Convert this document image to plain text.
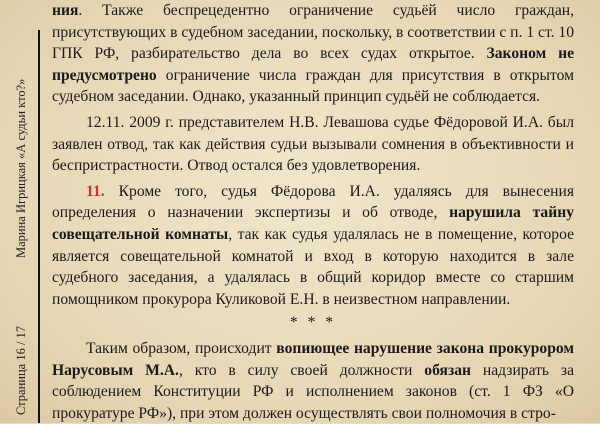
Марина Игрицкая «А судьи кто?»
Страница 16 / 17

ния. Также беспрецедентно ограничение судьёй число граждан, присутствующих в судебном заседании, поскольку, в соответствии с п. 1 ст. 10 ГПК РФ, разбирательство дела во всех судах открытое. Законом не предусмотрено ограничение числа граждан для присутствия в открытом судебном заседании. Однако, указанный принцип судьёй не соблюдается.

12.11. 2009 г. представителем Н.В. Левашова судье Фёдоровой И.А. был заявлен отвод, так как действия судьи вызывали сомнения в объективности и беспристрастности. Отвод остался без удовлетворения.

11. Кроме того, судья Фёдорова И.А. удаляясь для вынесения определения о назначении экспертизы и об отводе, нарушила тайну совещательной комнаты, так как судья удалялась не в помещение, которое является совещательной комнатой и вход в которую находится в зале судебного заседания, а удалялась в общий коридор вместе со старшим помощником прокурора Куликовой Е.Н. в неизвестном направлении.

* * *

Таким образом, происходит вопиющее нарушение закона прокурором Нарусовым М.А., кто в силу своей должности обязан надзирать за соблюдением Конституции РФ и исполнением законов (ст. 1 ФЗ «О прокуратуре РФ»), при этом должен осуществлять свои полномочия в стро-
